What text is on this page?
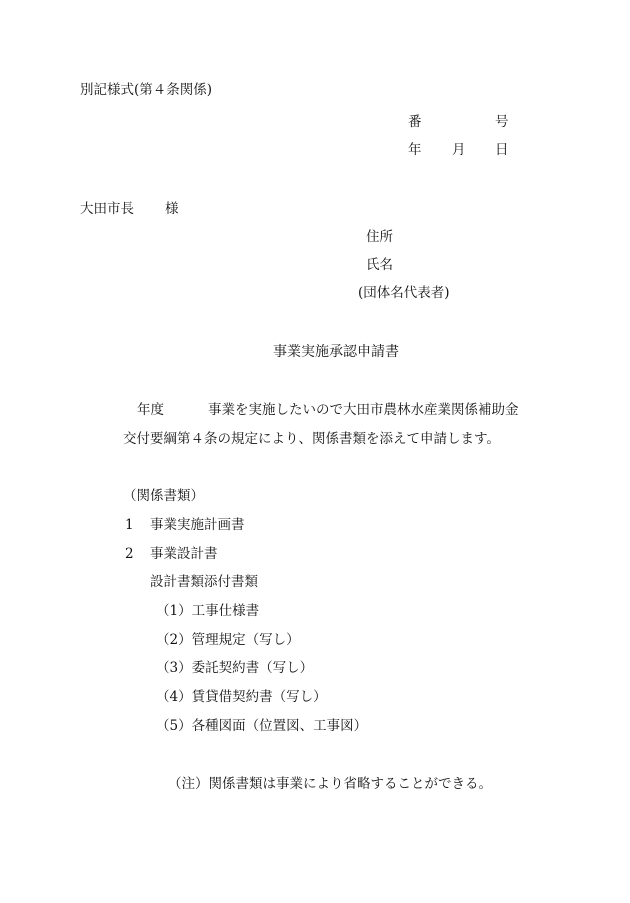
別記様式(第４条関係)
番	号
年 月 日
大田市長 様
住所
氏名
(団体名代表者)
事業実施承認申請書
年度	事業を実施したいので大田市農林水産業関係補助金
交付要綱第４条の規定により、関係書類を添えて申請します。
（関係書類）
1 事業実施計画書
2 事業設計書
設計書類添付書類
（1）工事仕様書
（2）管理規定（写し）
（3）委託契約書（写し）
（4）賃貸借契約書（写し）
（5）各種図面（位置図、工事図）
（注）関係書類は事業により省略することができる。
